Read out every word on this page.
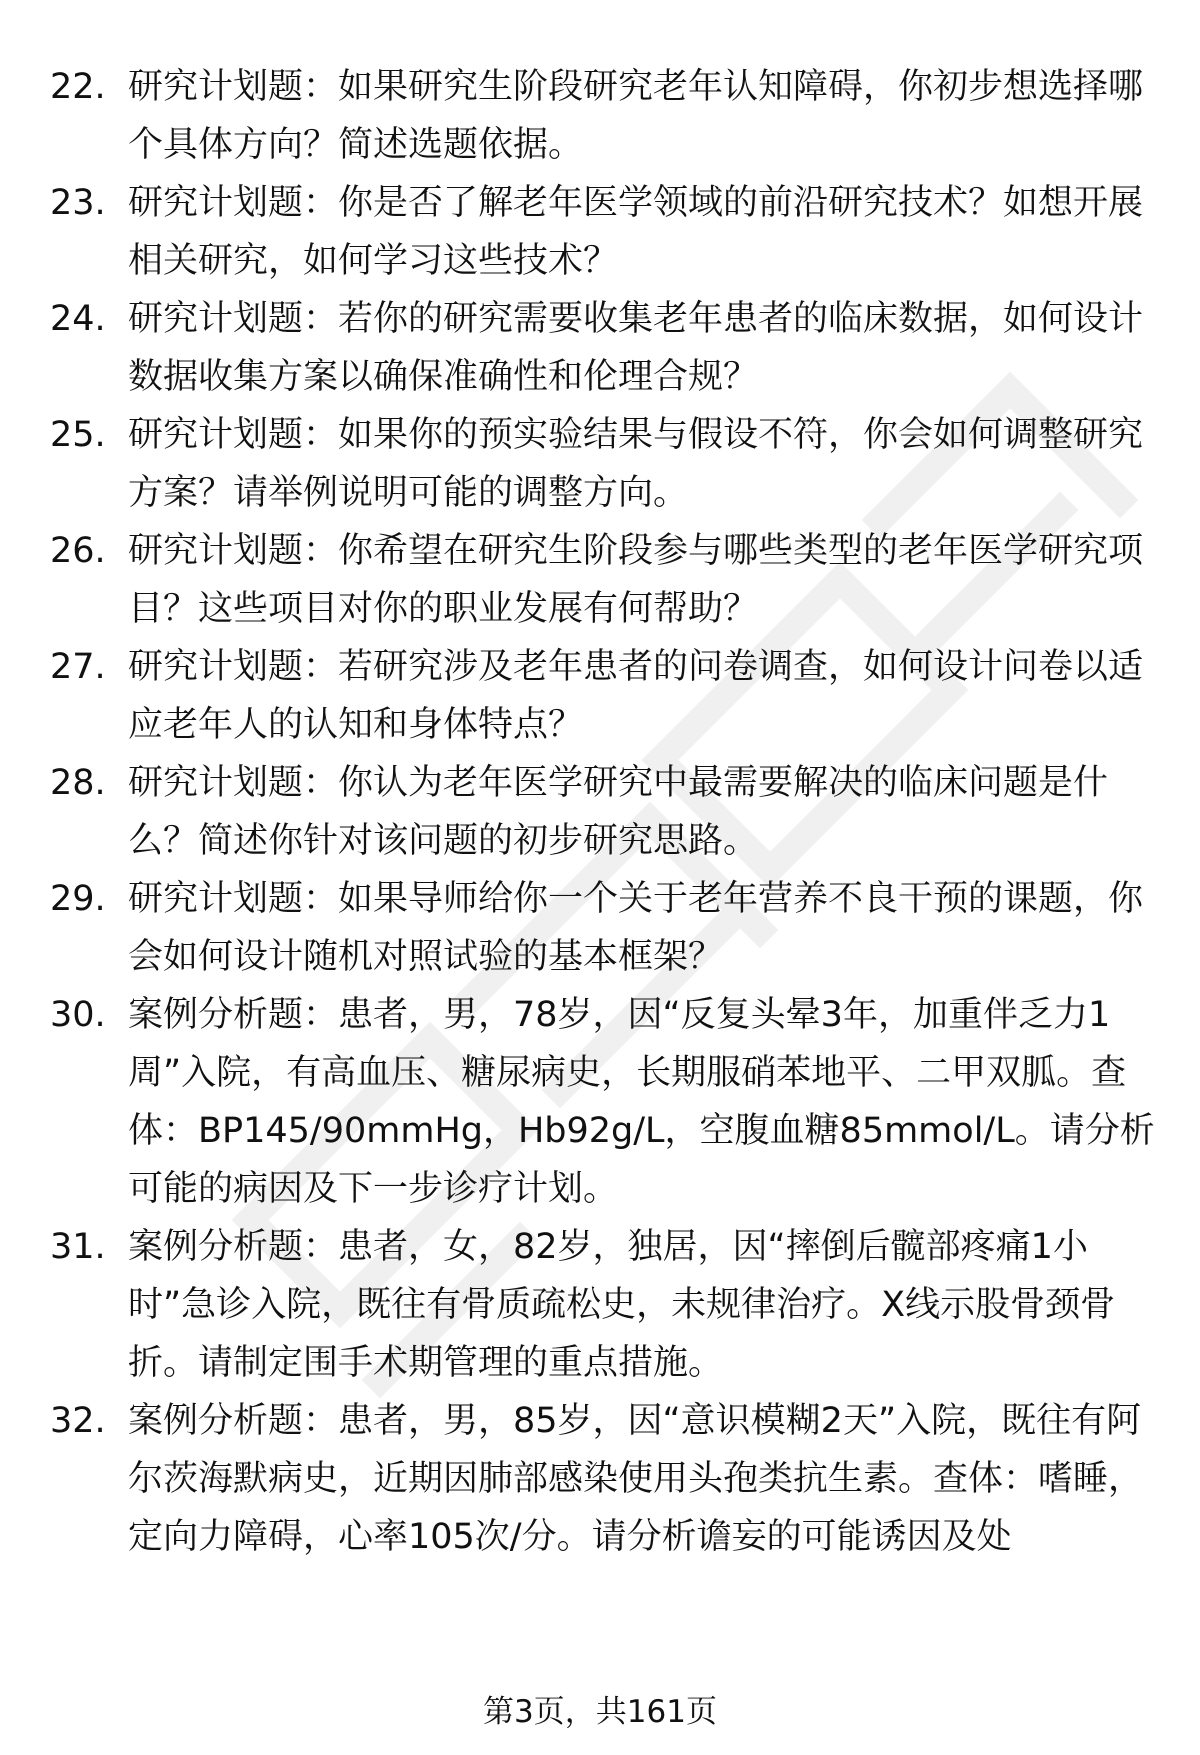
22. 研究计划题：如果研究生阶段研究老年认知障碍，你初步想选择哪个具体方向？简述选题依据。
23. 研究计划题：你是否了解老年医学领域的前沿研究技术？如想开展相关研究，如何学习这些技术？
24. 研究计划题：若你的研究需要收集老年患者的临床数据，如何设计数据收集方案以确保准确性和伦理合规？
25. 研究计划题：如果你的预实验结果与假设不符，你会如何调整研究方案？请举例说明可能的调整方向。
26. 研究计划题：你希望在研究生阶段参与哪些类型的老年医学研究项目？这些项目对你的职业发展有何帮助？
27. 研究计划题：若研究涉及老年患者的问卷调查，如何设计问卷以适应老年人的认知和身体特点？
28. 研究计划题：你认为老年医学研究中最需要解决的临床问题是什么？简述你针对该问题的初步研究思路。
29. 研究计划题：如果导师给你一个关于老年营养不良干预的课题，你会如何设计随机对照试验的基本框架？
30. 案例分析题：患者，男，78岁，因“反复头晕3年，加重伴乏力1周”入院，有高血压、糖尿病史，长期服硝苯地平、二甲双胍。查体：BP145/90mmHg，Hb92g/L，空腹血糖85mmol/L。请分析可能的病因及下一步诊疗计划。
31. 案例分析题：患者，女，82岁，独居，因“摔倒后髋部疼痛1小时”急诊入院，既往有骨质疏松史，未规律治疗。X线示股骨颈骨折。请制定围手术期管理的重点措施。
32. 案例分析题：患者，男，85岁，因“意识模糊2天”入院，既往有阿尔茨海默病史，近期因肺部感染使用头孢类抗生素。查体：嗜睡，定向力障碍，心率105次/分。请分析谵妄的可能诱因及处
第3页，共161页
